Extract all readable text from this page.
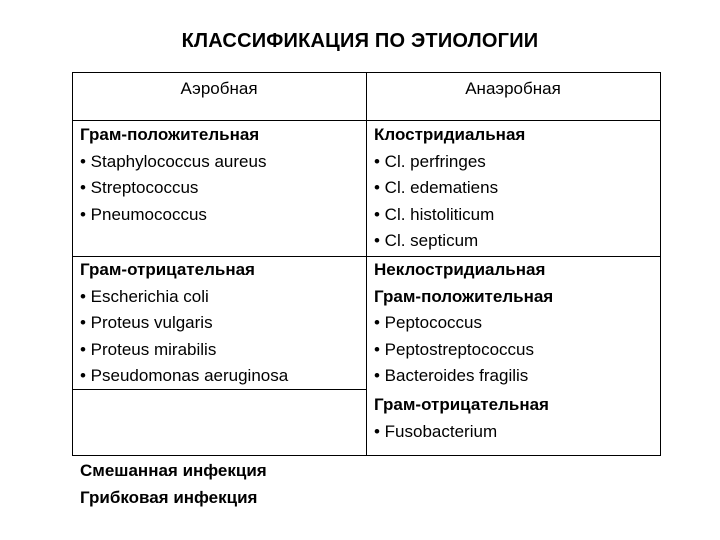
КЛАССИФИКАЦИЯ ПО ЭТИОЛОГИИ
Аэробная	Анаэробная
Грам-положительная
• Staphylococcus aureus
• Streptococcus
• Pneumococcus
Грам-отрицательная
• Escherichia coli
• Proteus vulgaris
• Proteus mirabilis
• Pseudomonas aeruginosa
Клостридиальная
• Cl. perfringes
• Cl. edematiens
• Cl. histoliticum
• Cl. septicum
Неклостридиальная
Грам-положительная
• Peptococcus
• Peptostreptococcus
• Bacteroides fragilis
Грам-отрицательная
• Fusobacterium
Смешанная инфекция
Грибковая инфекция
